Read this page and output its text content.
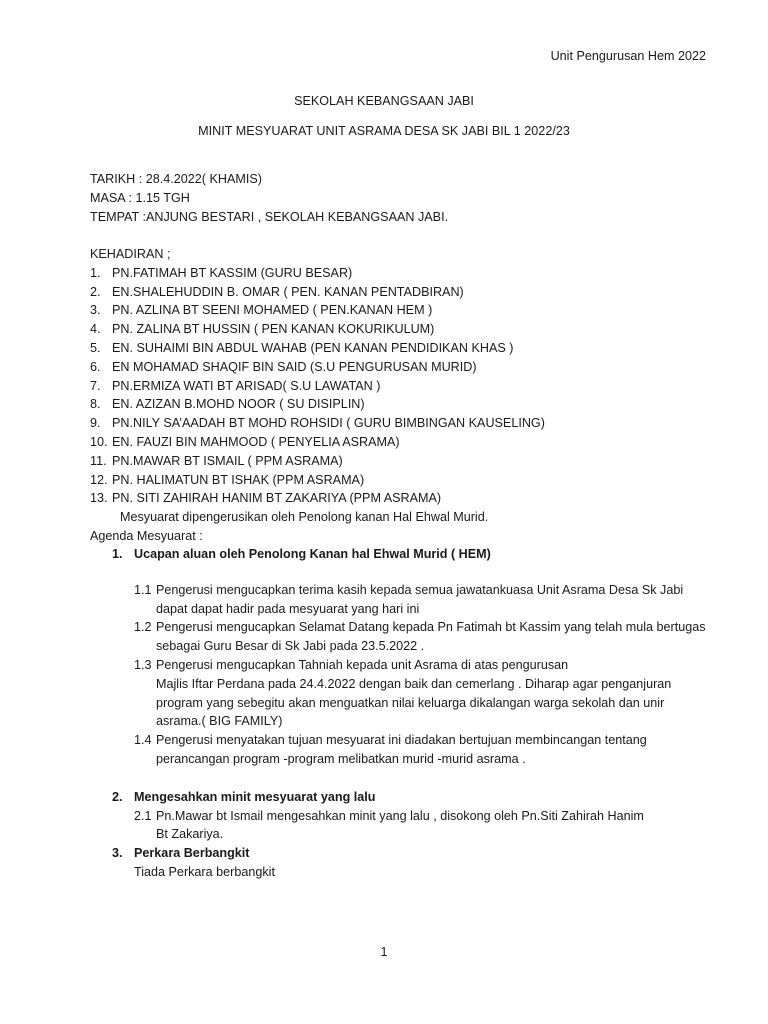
Unit Pengurusan Hem 2022
SEKOLAH KEBANGSAAN JABI
MINIT MESYUARAT UNIT ASRAMA DESA SK JABI BIL 1 2022/23
TARIKH : 28.4.2022( KHAMIS)
MASA : 1.15 TGH
TEMPAT :ANJUNG BESTARI , SEKOLAH KEBANGSAAN JABI.
KEHADIRAN ;
1. PN.FATIMAH BT KASSIM (GURU BESAR)
2. EN.SHALEHUDDIN B. OMAR ( PEN. KANAN PENTADBIRAN)
3. PN. AZLINA BT SEENI MOHAMED ( PEN.KANAN HEM )
4. PN. ZALINA BT HUSSIN ( PEN KANAN KOKURIKULUM)
5. EN. SUHAIMI BIN ABDUL WAHAB (PEN KANAN PENDIDIKAN KHAS )
6. EN MOHAMAD SHAQIF BIN SAID (S.U PENGURUSAN MURID)
7. PN.ERMIZA WATI BT ARISAD( S.U LAWATAN )
8. EN. AZIZAN B.MOHD NOOR ( SU DISIPLIN)
9. PN.NILY SA’AADAH BT MOHD ROHSIDI ( GURU BIMBINGAN KAUSELING)
10. EN. FAUZI BIN MAHMOOD ( PENYELIA ASRAMA)
11. PN.MAWAR BT ISMAIL ( PPM ASRAMA)
12. PN. HALIMATUN BT ISHAK (PPM ASRAMA)
13. PN. SITI ZAHIRAH HANIM BT ZAKARIYA (PPM ASRAMA)
Mesyuarat dipengerusikan oleh Penolong kanan Hal Ehwal Murid.
Agenda Mesyuarat :
1. Ucapan aluan oleh Penolong Kanan hal Ehwal Murid ( HEM)
1.1 Pengerusi mengucapkan terima kasih kepada semua jawatankuasa Unit Asrama Desa Sk Jabi
dapat dapat hadir pada mesyuarat yang hari ini
1.2 Pengerusi mengucapkan Selamat Datang kepada Pn Fatimah bt Kassim yang telah mula bertugas
sebagai Guru Besar di Sk Jabi pada 23.5.2022 .
1.3 Pengerusi mengucapkan Tahniah kepada unit Asrama di atas pengurusan
Majlis Iftar Perdana pada 24.4.2022 dengan baik dan cemerlang . Diharap agar penganjuran
program yang sebegitu akan menguatkan nilai keluarga dikalangan warga sekolah dan unir
asrama.( BIG FAMILY)
1.4 Pengerusi menyatakan tujuan mesyuarat ini diadakan bertujuan membincangan tentang
perancangan program -program melibatkan murid -murid asrama .
2. Mengesahkan minit mesyuarat yang lalu
2.1 Pn.Mawar bt Ismail mengesahkan minit yang lalu , disokong oleh Pn.Siti Zahirah Hanim
Bt Zakariya.
3. Perkara Berbangkit
Tiada Perkara berbangkit
1
